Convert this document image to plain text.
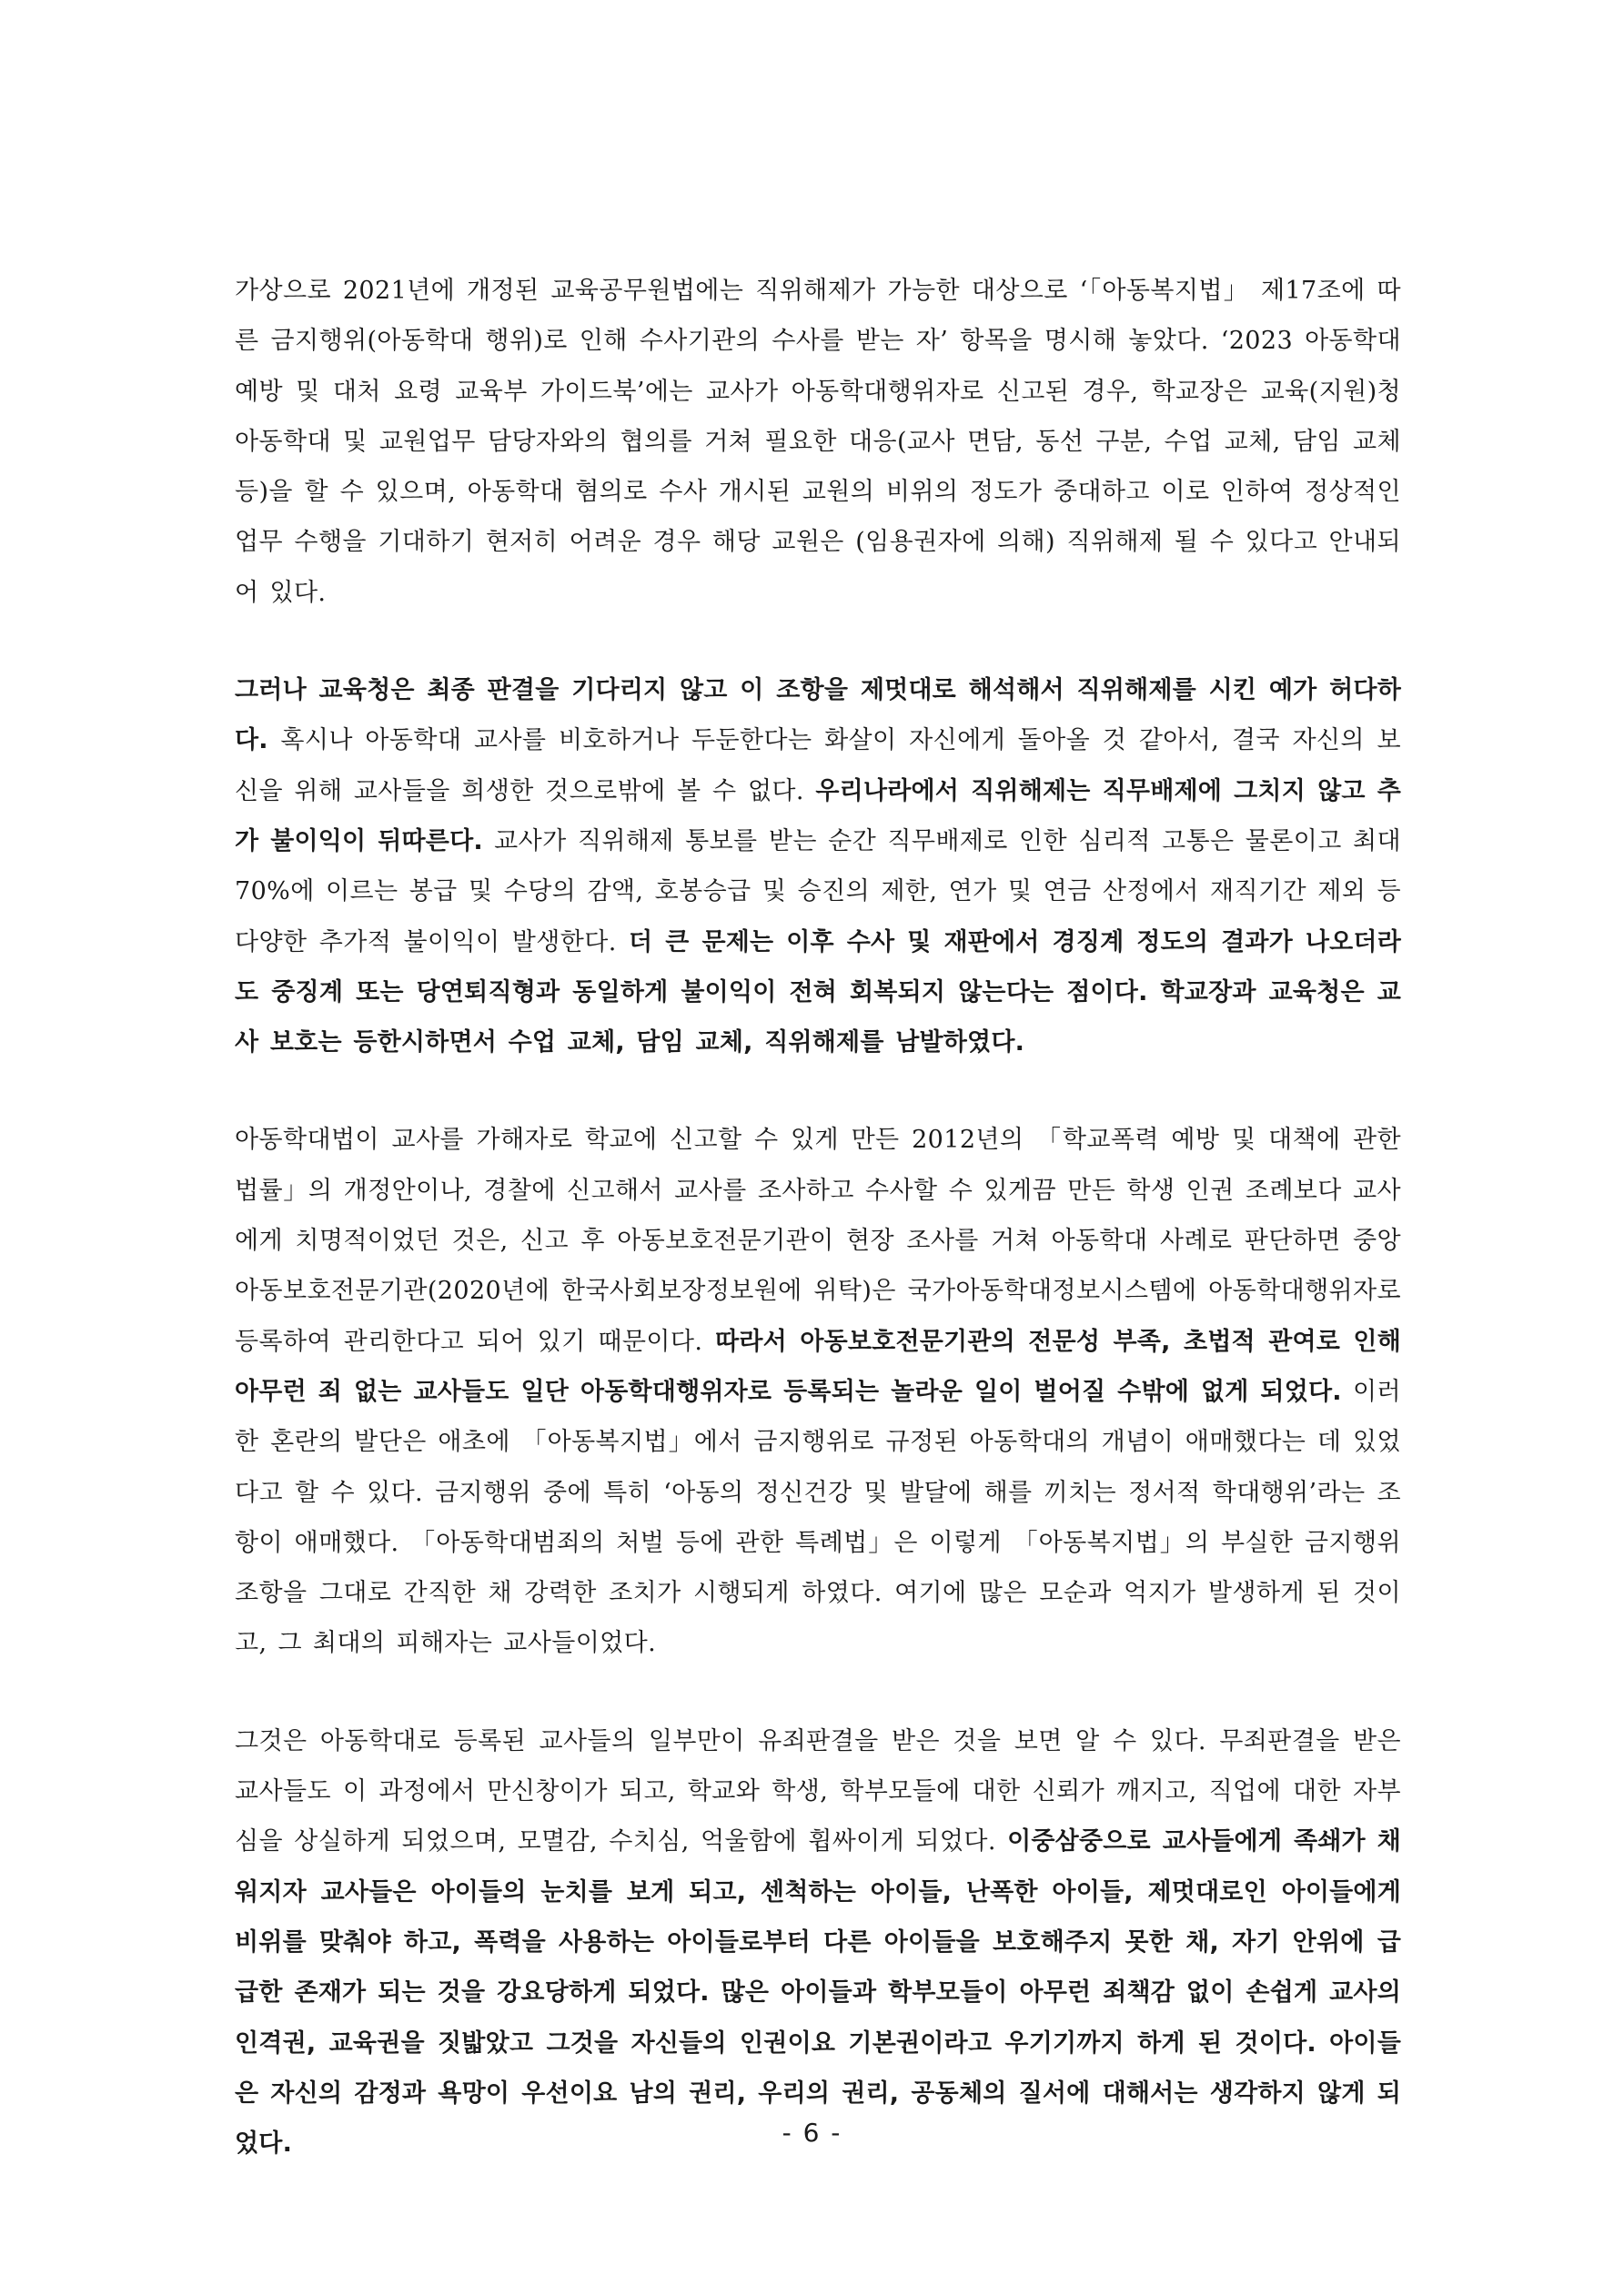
가상으로 2021년에 개정된 교육공무원법에는 직위해제가 가능한 대상으로 ‘「아동복지법」 제17조에 따른 금지행위(아동학대 행위)로 인해 수사기관의 수사를 받는 자’ 항목을 명시해 놓았다. ‘2023 아동학대 예방 및 대처 요령 교육부 가이드북’에는 교사가 아동학대행위자로 신고된 경우, 학교장은 교육(지원)청 아동학대 및 교원업무 담당자와의 협의를 거쳐 필요한 대응(교사 면담, 동선 구분, 수업 교체, 담임 교체 등)을 할 수 있으며, 아동학대 혐의로 수사 개시된 교원의 비위의 정도가 중대하고 이로 인하여 정상적인 업무 수행을 기대하기 현저히 어려운 경우 해당 교원은 (임용권자에 의해) 직위해제 될 수 있다고 안내되어 있다.

그러나 교육청은 최종 판결을 기다리지 않고 이 조항을 제멋대로 해석해서 직위해제를 시킨 예가 허다하다. 혹시나 아동학대 교사를 비호하거나 두둔한다는 화살이 자신에게 돌아올 것 같아서, 결국 자신의 보신을 위해 교사들을 희생한 것으로밖에 볼 수 없다. 우리나라에서 직위해제는 직무배제에 그치지 않고 추가 불이익이 뒤따른다. 교사가 직위해제 통보를 받는 순간 직무배제로 인한 심리적 고통은 물론이고 최대 70%에 이르는 봉급 및 수당의 감액, 호봉승급 및 승진의 제한, 연가 및 연금 산정에서 재직기간 제외 등 다양한 추가적 불이익이 발생한다. 더 큰 문제는 이후 수사 및 재판에서 경징계 정도의 결과가 나오더라도 중징계 또는 당연퇴직형과 동일하게 불이익이 전혀 회복되지 않는다는 점이다. 학교장과 교육청은 교사 보호는 등한시하면서 수업 교체, 담임 교체, 직위해제를 남발하였다.

아동학대법이 교사를 가해자로 학교에 신고할 수 있게 만든 2012년의 「학교폭력 예방 및 대책에 관한 법률」의 개정안이나, 경찰에 신고해서 교사를 조사하고 수사할 수 있게끔 만든 학생 인권 조례보다 교사에게 치명적이었던 것은, 신고 후 아동보호전문기관이 현장 조사를 거쳐 아동학대 사례로 판단하면 중앙아동보호전문기관(2020년에 한국사회보장정보원에 위탁)은 국가아동학대정보시스템에 아동학대행위자로 등록하여 관리한다고 되어 있기 때문이다. 따라서 아동보호전문기관의 전문성 부족, 초법적 관여로 인해 아무런 죄 없는 교사들도 일단 아동학대행위자로 등록되는 놀라운 일이 벌어질 수밖에 없게 되었다. 이러한 혼란의 발단은 애초에 「아동복지법」에서 금지행위로 규정된 아동학대의 개념이 애매했다는 데 있었다고 할 수 있다. 금지행위 중에 특히 ‘아동의 정신건강 및 발달에 해를 끼치는 정서적 학대행위’라는 조항이 애매했다. 「아동학대범죄의 처벌 등에 관한 특례법」은 이렇게 「아동복지법」의 부실한 금지행위 조항을 그대로 간직한 채 강력한 조치가 시행되게 하였다. 여기에 많은 모순과 억지가 발생하게 된 것이고, 그 최대의 피해자는 교사들이었다.

그것은 아동학대로 등록된 교사들의 일부만이 유죄판결을 받은 것을 보면 알 수 있다. 무죄판결을 받은 교사들도 이 과정에서 만신창이가 되고, 학교와 학생, 학부모들에 대한 신뢰가 깨지고, 직업에 대한 자부심을 상실하게 되었으며, 모멸감, 수치심, 억울함에 휩싸이게 되었다. 이중삼중으로 교사들에게 족쇄가 채워지자 교사들은 아이들의 눈치를 보게 되고, 센척하는 아이들, 난폭한 아이들, 제멋대로인 아이들에게 비위를 맞춰야 하고, 폭력을 사용하는 아이들로부터 다른 아이들을 보호해주지 못한 채, 자기 안위에 급급한 존재가 되는 것을 강요당하게 되었다. 많은 아이들과 학부모들이 아무런 죄책감 없이 손쉽게 교사의 인격권, 교육권을 짓밟았고 그것을 자신들의 인권이요 기본권이라고 우기기까지 하게 된 것이다. 아이들은 자신의 감정과 욕망이 우선이요 남의 권리, 우리의 권리, 공동체의 질서에 대해서는 생각하지 않게 되었다.	- 6 -
